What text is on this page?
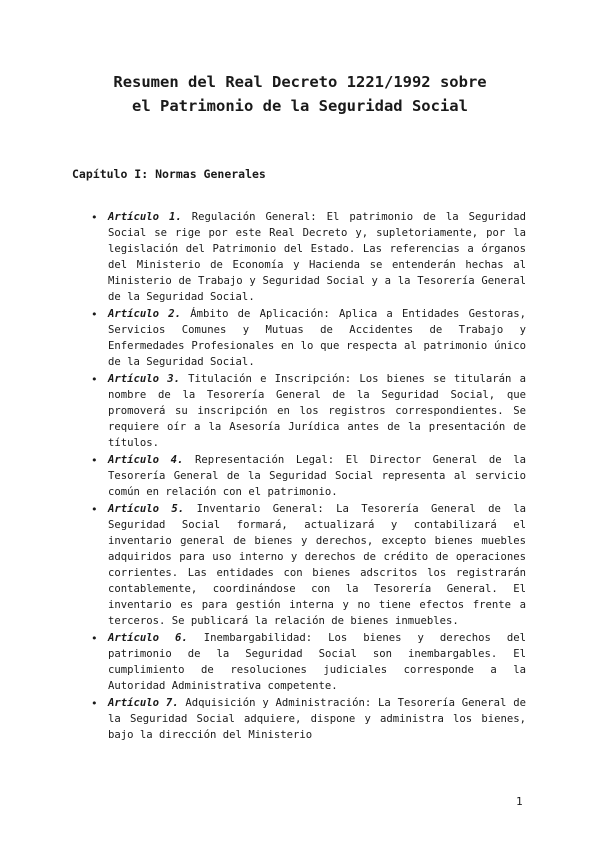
Resumen del Real Decreto 1221/1992 sobre
el Patrimonio de la Seguridad Social
Capítulo I: Normas Generales
• Artículo 1. Regulación General: El patrimonio de la Seguridad Social se rige por este Real Decreto y, supletoriamente, por la legislación del Patrimonio del Estado. Las referencias a órganos del Ministerio de Economía y Hacienda se entenderán hechas al Ministerio de Trabajo y Seguridad Social y a la Tesorería General de la Seguridad Social.
• Artículo 2. Ámbito de Aplicación: Aplica a Entidades Gestoras, Servicios Comunes y Mutuas de Accidentes de Trabajo y Enfermedades Profesionales en lo que respecta al patrimonio único de la Seguridad Social.
• Artículo 3. Titulación e Inscripción: Los bienes se titularán a nombre de la Tesorería General de la Seguridad Social, que promoverá su inscripción en los registros correspondientes. Se requiere oír a la Asesoría Jurídica antes de la presentación de títulos.
• Artículo 4. Representación Legal: El Director General de la Tesorería General de la Seguridad Social representa al servicio común en relación con el patrimonio.
• Artículo 5. Inventario General: La Tesorería General de la Seguridad Social formará, actualizará y contabilizará el inventario general de bienes y derechos, excepto bienes muebles adquiridos para uso interno y derechos de crédito de operaciones corrientes. Las entidades con bienes adscritos los registrarán contablemente, coordinándose con la Tesorería General. El inventario es para gestión interna y no tiene efectos frente a terceros. Se publicará la relación de bienes inmuebles.
• Artículo 6. Inembargabilidad: Los bienes y derechos del patrimonio de la Seguridad Social son inembargables. El cumplimiento de resoluciones judiciales corresponde a la Autoridad Administrativa competente.
• Artículo 7. Adquisición y Administración: La Tesorería General de la Seguridad Social adquiere, dispone y administra los bienes, bajo la dirección del Ministerio
1
